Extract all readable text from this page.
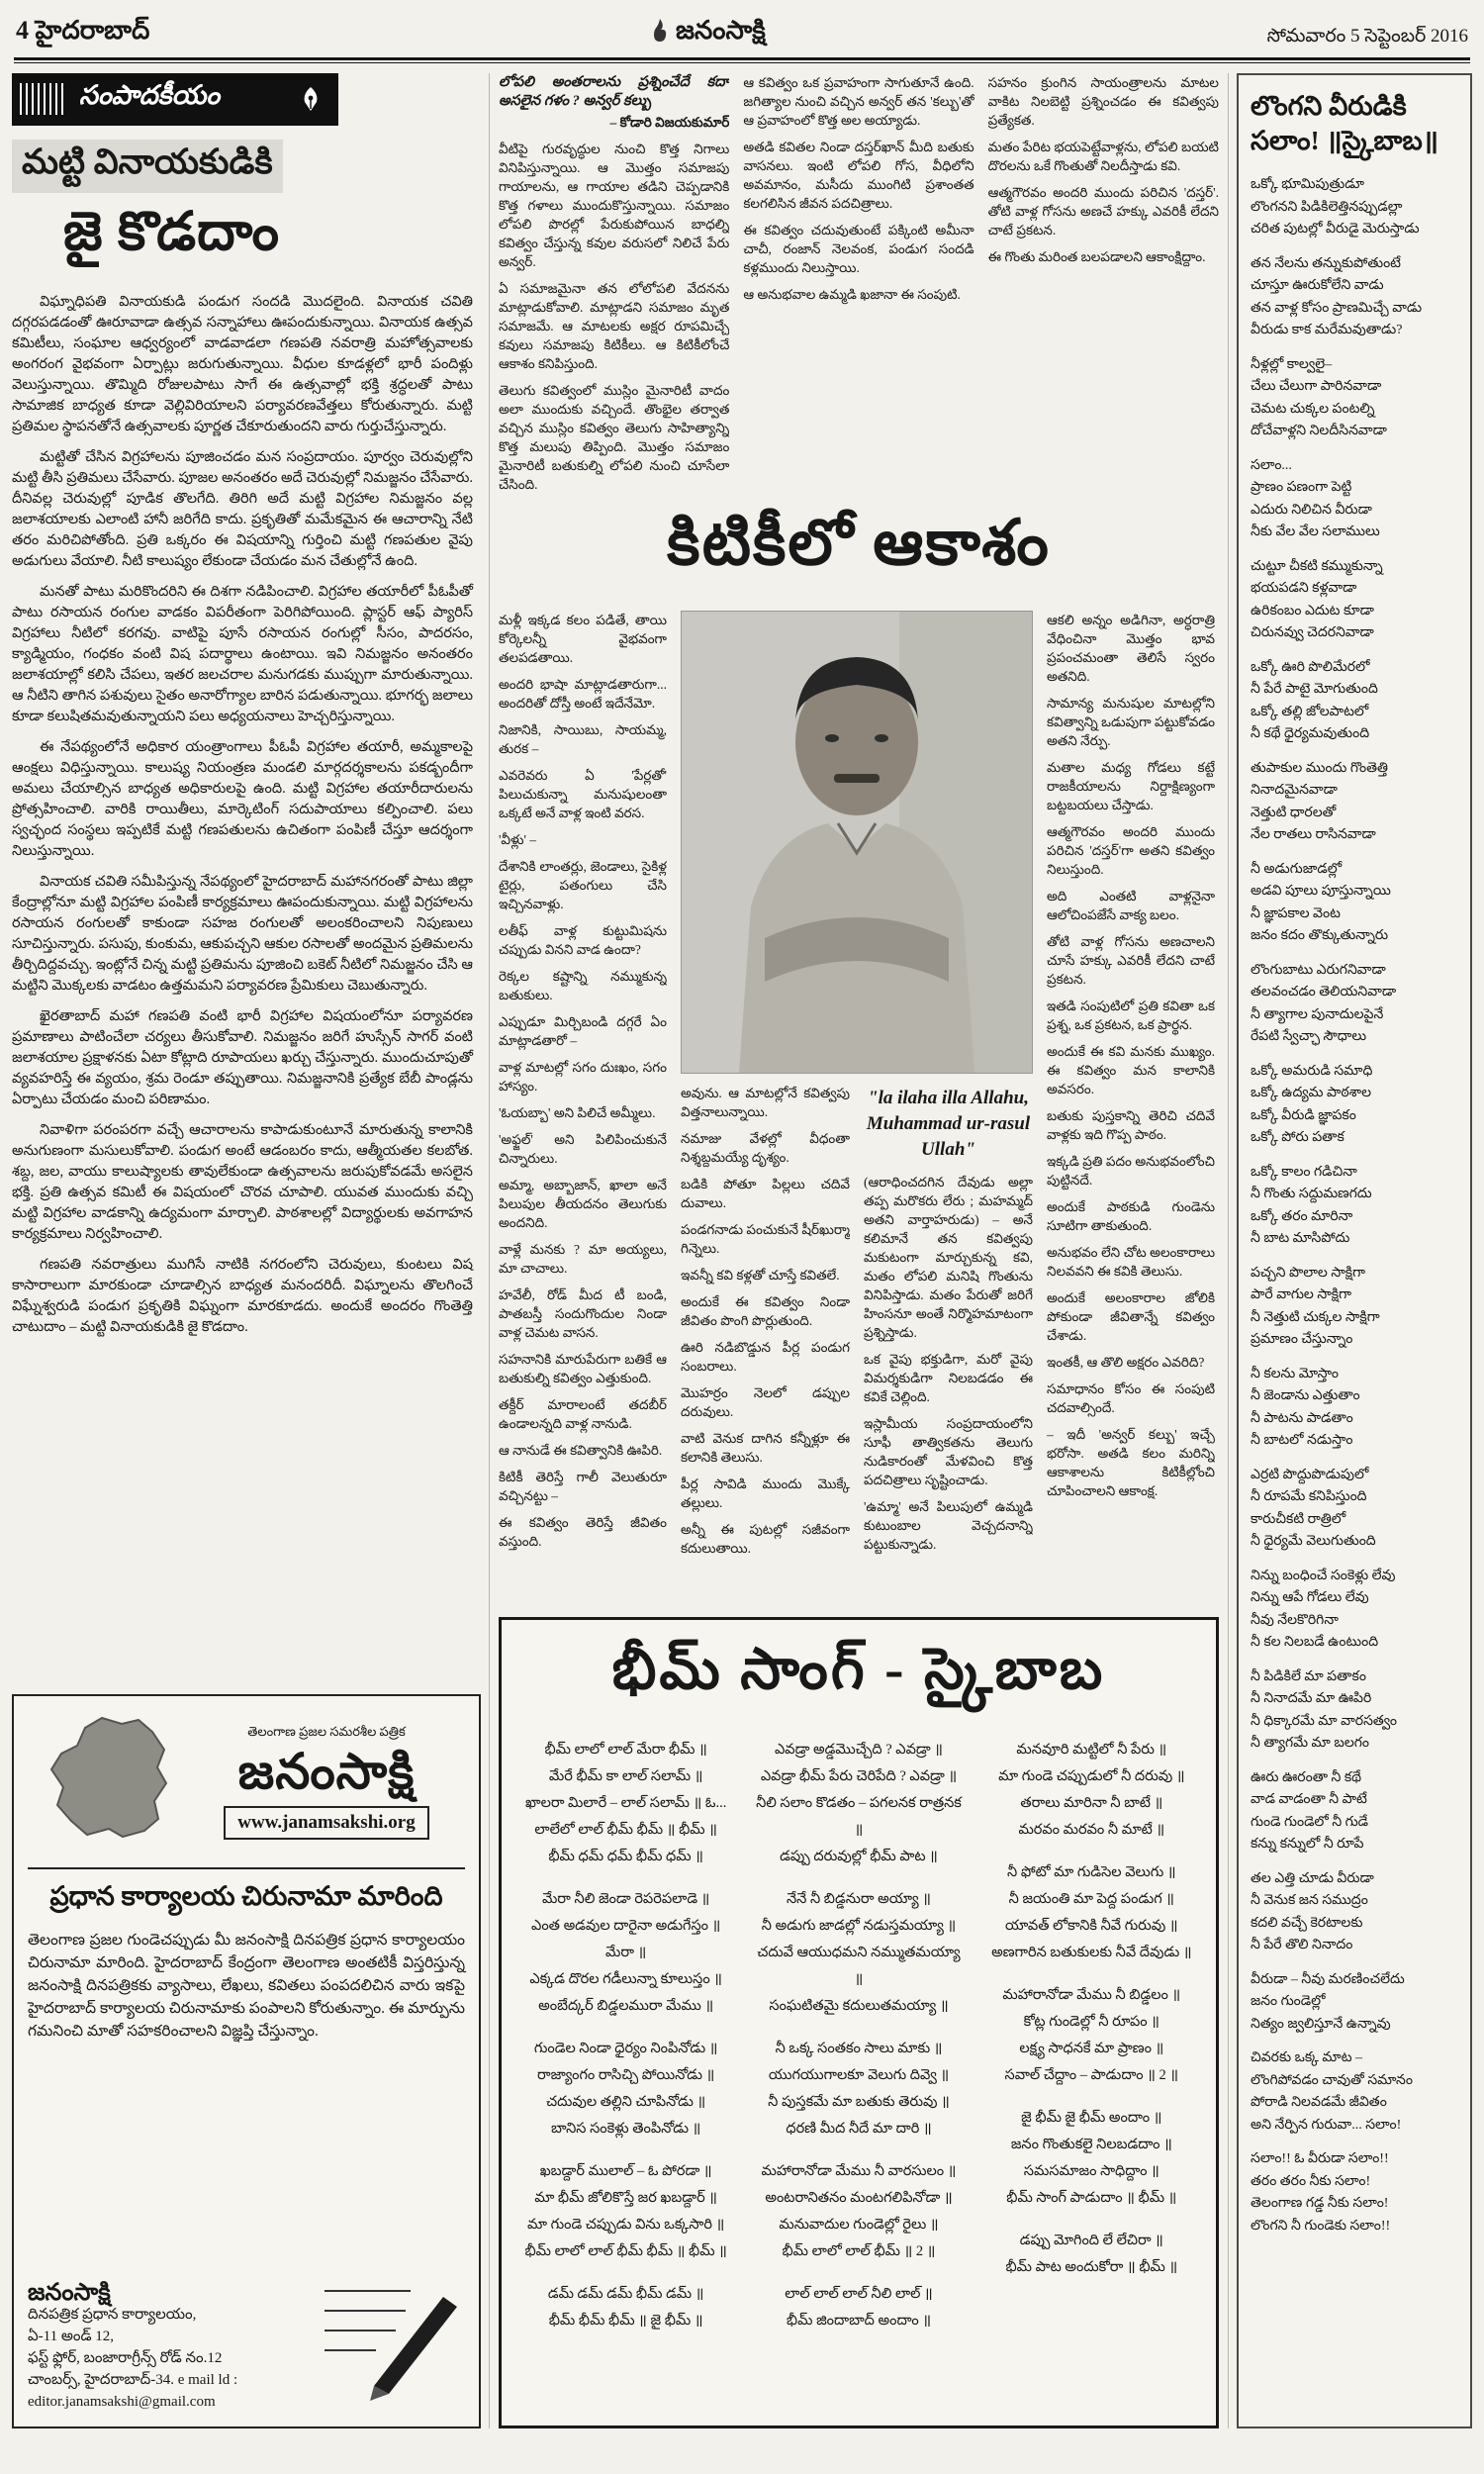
4 హైదరాబాద్	జనంసాక్షి	సోమవారం 5 సెప్టెంబర్ 2016
సంపాదకీయం
మట్టి వినాయకుడికి
జై కొడదాం

విఘ్నాధిపతి వినాయకుడి పండుగ సందడి మొదలైంది. వినాయక చవితి దగ్గరపడడంతో ఊరూవాడా ఉత్సవ సన్నాహాలు ఊపందుకున్నాయి. వినాయక ఉత్సవ కమిటీలు, సంఘాల ఆధ్వర్యంలో వాడవాడలా గణపతి నవరాత్రి మహోత్సవాలకు అంగరంగ వైభవంగా ఏర్పాట్లు జరుగుతున్నాయి. వీధుల కూడళ్లలో భారీ పందిళ్లు వెలుస్తున్నాయి. తొమ్మిది రోజులపాటు సాగే ఈ ఉత్సవాల్లో భక్తి శ్రద్ధలతో పాటు సామాజిక బాధ్యత కూడా వెల్లివిరియాలని పర్యావరణవేత్తలు కోరుతున్నారు. మట్టి ప్రతిమల స్థాపనతోనే ఉత్సవాలకు పూర్ణత చేకూరుతుందని వారు గుర్తుచేస్తున్నారు.

మట్టితో చేసిన విగ్రహాలను పూజించడం మన సంప్రదాయం. పూర్వం చెరువుల్లోని మట్టి తీసి ప్రతిమలు చేసేవారు. పూజల అనంతరం అదే చెరువుల్లో నిమజ్జనం చేసేవారు. దీనివల్ల చెరువుల్లో పూడిక తొలగేది. తిరిగి అదే మట్టి విగ్రహాల నిమజ్జనం వల్ల జలాశయాలకు ఎలాంటి హానీ జరిగేది కాదు. ప్రకృతితో మమేకమైన ఈ ఆచారాన్ని నేటి తరం మరిచిపోతోంది. ప్రతి ఒక్కరం ఈ విషయాన్ని గుర్తించి మట్టి గణపతుల వైపు అడుగులు వేయాలి. నీటి కాలుష్యం లేకుండా చేయడం మన చేతుల్లోనే ఉంది.

మనతో పాటు మరికొందరిని ఈ దిశగా నడిపించాలి. విగ్రహాల తయారీలో పీఓపీతో పాటు రసాయన రంగుల వాడకం విపరీతంగా పెరిగిపోయింది. ప్లాస్టర్ ఆఫ్ ప్యారిస్ విగ్రహాలు నీటిలో కరగవు. వాటిపై పూసే రసాయన రంగుల్లో సీసం, పాదరసం, క్యాడ్మియం, గంధకం వంటి విష పదార్థాలు ఉంటాయి. ఇవి నిమజ్జనం అనంతరం జలాశయాల్లో కలిసి చేపలు, ఇతర జలచరాల మనుగడకు ముప్పుగా మారుతున్నాయి. ఆ నీటిని తాగిన పశువులు సైతం అనారోగ్యాల బారిన పడుతున్నాయి. భూగర్భ జలాలు కూడా కలుషితమవుతున్నాయని పలు అధ్యయనాలు హెచ్చరిస్తున్నాయి.

ఈ నేపథ్యంలోనే అధికార యంత్రాంగాలు పీఓపీ విగ్రహాల తయారీ, అమ్మకాలపై ఆంక్షలు విధిస్తున్నాయి. కాలుష్య నియంత్రణ మండలి మార్గదర్శకాలను పకడ్బందీగా అమలు చేయాల్సిన బాధ్యత అధికారులపై ఉంది. మట్టి విగ్రహాల తయారీదారులను ప్రోత్సహించాలి. వారికి రాయితీలు, మార్కెటింగ్ సదుపాయాలు కల్పించాలి. పలు స్వచ్ఛంద సంస్థలు ఇప్పటికే మట్టి గణపతులను ఉచితంగా పంపిణీ చేస్తూ ఆదర్శంగా నిలుస్తున్నాయి.

వినాయక చవితి సమీపిస్తున్న నేపథ్యంలో హైదరాబాద్ మహానగరంతో పాటు జిల్లా కేంద్రాల్లోనూ మట్టి విగ్రహాల పంపిణీ కార్యక్రమాలు ఊపందుకున్నాయి. మట్టి విగ్రహాలను రసాయన రంగులతో కాకుండా సహజ రంగులతో అలంకరించాలని నిపుణులు సూచిస్తున్నారు. పసుపు, కుంకుమ, ఆకుపచ్చని ఆకుల రసాలతో అందమైన ప్రతిమలను తీర్చిదిద్దవచ్చు. ఇంట్లోనే చిన్న మట్టి ప్రతిమను పూజించి బకెట్ నీటిలో నిమజ్జనం చేసి ఆ మట్టిని మొక్కలకు వాడటం ఉత్తమమని పర్యావరణ ప్రేమికులు చెబుతున్నారు.

ఖైరతాబాద్ మహా గణపతి వంటి భారీ విగ్రహాల విషయంలోనూ పర్యావరణ ప్రమాణాలు పాటించేలా చర్యలు తీసుకోవాలి. నిమజ్జనం జరిగే హుస్సేన్ సాగర్ వంటి జలాశయాల ప్రక్షాళనకు ఏటా కోట్లాది రూపాయలు ఖర్చు చేస్తున్నారు. ముందుచూపుతో వ్యవహరిస్తే ఈ వ్యయం, శ్రమ రెండూ తప్పుతాయి. నిమజ్జనానికి ప్రత్యేక బేబీ పాండ్లను ఏర్పాటు చేయడం మంచి పరిణామం.

నివాళిగా పరంపరగా వచ్చే ఆచారాలను కాపాడుకుంటూనే మారుతున్న కాలానికి అనుగుణంగా మసులుకోవాలి. పండుగ అంటే ఆడంబరం కాదు, ఆత్మీయతల కలబోత. శబ్ద, జల, వాయు కాలుష్యాలకు తావులేకుండా ఉత్సవాలను జరుపుకోవడమే అసలైన భక్తి. ప్రతి ఉత్సవ కమిటీ ఈ విషయంలో చొరవ చూపాలి. యువత ముందుకు వచ్చి మట్టి విగ్రహాల వాడకాన్ని ఉద్యమంగా మార్చాలి. పాఠశాలల్లో విద్యార్థులకు అవగాహన కార్యక్రమాలు నిర్వహించాలి.

గణపతి నవరాత్రులు ముగిసే నాటికి నగరంలోని చెరువులు, కుంటలు విష కాసారాలుగా మారకుండా చూడాల్సిన బాధ్యత మనందరిదీ. విఘ్నాలను తొలగించే విఘ్నేశ్వరుడి పండుగ ప్రకృతికి విఘ్నంగా మారకూడదు. అందుకే అందరం గొంతెత్తి చాటుదాం – మట్టి వినాయకుడికి జై కొడదాం.

తెలంగాణ ప్రజల సమరశీల పత్రిక
జనంసాక్షి
www.janamsakshi.org
ప్రధాన కార్యాలయ చిరునామా మారింది
తెలంగాణ ప్రజల గుండెచప్పుడు మీ జనంసాక్షి దినపత్రిక ప్రధాన కార్యాలయం చిరునామా మారింది. హైదరాబాద్ కేంద్రంగా తెలంగాణ అంతటికీ విస్తరిస్తున్న జనంసాక్షి దినపత్రికకు వ్యాసాలు, లేఖలు, కవితలు పంపదలిచిన వారు ఇకపై హైదరాబాద్ కార్యాలయ చిరునామాకు పంపాలని కోరుతున్నాం. ఈ మార్పును గమనించి మాతో సహకరించాలని విజ్ఞప్తి చేస్తున్నాం.
జనంసాక్షి
దినపత్రిక ప్రధాన కార్యాలయం,
ఏ-11 అండ్ 12,
ఫస్ట్ ఫ్లోర్, బంజారాగ్రీన్స్ రోడ్ నం.12
చాంబర్స్, హైదరాబాద్-34. e mail ld : editor.janamsakshi@gmail.com
లోపలి అంతరాలను ప్రశ్నించేదే కదా అసలైన గళం ? అన్వర్ కల్బు
– కోడారి విజయకుమార్

వీటిపై గురవృద్ధుల నుంచి కొత్త నిగాలు వినిపిస్తున్నాయి. ఆ మొత్తం సమాజపు గాయాలను, ఆ గాయాల తడిని చెప్పడానికి కొత్త గళాలు ముందుకొస్తున్నాయి. సమాజం లోపలి పొరల్లో పేరుకుపోయిన బాధల్ని కవిత్వం చేస్తున్న కవుల వరుసలో నిలిచే పేరు అన్వర్.

ఏ సమాజమైనా తన లోలోపలి వేదనను మాట్లాడుకోవాలి. మాట్లాడని సమాజం మృత సమాజమే. ఆ మాటలకు అక్షర రూపమిచ్చే కవులు సమాజపు కిటికీలు. ఆ కిటికీలోంచే ఆకాశం కనిపిస్తుంది.

తెలుగు కవిత్వంలో ముస్లిం మైనారిటీ వాదం అలా ముందుకు వచ్చిందే. తొంభైల తర్వాత వచ్చిన ముస్లిం కవిత్వం తెలుగు సాహిత్యాన్ని కొత్త మలుపు తిప్పింది. మొత్తం సమాజం మైనారిటీ బతుకుల్ని లోపలి నుంచి చూసేలా చేసింది.

ఆ కవిత్వం ఒక ప్రవాహంగా సాగుతూనే ఉంది. జగిత్యాల నుంచి వచ్చిన అన్వర్ తన 'కల్బు'తో ఆ ప్రవాహంలో కొత్త అల అయ్యాడు.

అతడి కవితల నిండా దస్తర్‌ఖాన్ మీది బతుకు వాసనలు. ఇంటి లోపలి గోస, వీధిలోని అవమానం, మసీదు ముంగిటి ప్రశాంతత కలగలిసిన జీవన పదచిత్రాలు.

ఈ కవిత్వం చదువుతుంటే పక్కింటి అమీనా చాచీ, రంజాన్ నెలవంక, పండుగ సందడి కళ్లముందు నిలుస్తాయి.

ఆ అనుభవాల ఉమ్మడి ఖజానా ఈ సంపుటి.

సహనం క్రుంగిన సాయంత్రాలను మాటల వాకిట నిలబెట్టి ప్రశ్నించడం ఈ కవిత్వపు ప్రత్యేకత.

మతం పేరిట భయపెట్టేవాళ్లను, లోపలి బయటి దొరలను ఒకే గొంతుతో నిలదీస్తాడు కవి.

ఆత్మగౌరవం అందరి ముందు పరిచిన 'దస్తర్'. తోటి వాళ్ల గోసను అణచే హక్కు ఎవరికీ లేదని చాటే ప్రకటన.

ఈ గొంతు మరింత బలపడాలని ఆకాంక్షిద్దాం.

కిటికీలో ఆకాశం

మళ్లీ ఇక్కడ కలం పడితే, తాయి కోర్కెలన్నీ వైభవంగా తలపడతాయి.

అందరి భాషా మాట్లాడతారుగా... అందరితో దోస్తీ అంటే ఇదేనేమో.

నిజానికి, సాయిబు, సాయమ్మ, తురక –

ఎవరెవరు ఏ 'పేర్లతో' పిలుచుకున్నా మనుషులంతా ఒక్కటే అనే వాళ్ల ఇంటి వరస.

'వీళ్లు' –

దేశానికి లాంతర్లు, జెండాలు, సైకిళ్ల టైర్లు, పతంగులు చేసి ఇచ్చినవాళ్లు.

లతీఫ్ వాళ్ల కుట్టుమిషను చప్పుడు వినని వాడ ఉందా?

రెక్కల కష్టాన్ని నమ్ముకున్న బతుకులు.

ఎప్పుడూ మిర్చిబండి దగ్గరే ఏం మాట్లాడతారో –

వాళ్ల మాటల్లో సగం దుఃఖం, సగం హాస్యం.

'ఓయబ్బా' అని పిలిచే అమ్మీలు.

'అఫ్జల్' అని పిలిపించుకునే చిన్నారులు.

అమ్మా, అబ్బాజాన్, ఖాలా అనే పిలుపుల తీయదనం తెలుగుకు అందనిది.

వాళ్లే మనకు ? మా అయ్యలు, మా చాచాలు.

హవేలీ, రోడ్ మీద టీ బండి, పాతబస్తీ సందుగొందుల నిండా వాళ్ల చెమట వాసన.

సహనానికి మారుపేరుగా బతికే ఆ బతుకుల్ని కవిత్వం ఎత్తుకుంది.

తక్దీర్ మారాలంటే తదబీర్ ఉండాలన్నది వాళ్ల నానుడి.

ఆ నానుడే ఈ కవిత్వానికి ఊపిరి.

కిటికీ తెరిస్తే గాలీ వెలుతురూ వచ్చినట్టు –

ఈ కవిత్వం తెరిస్తే జీవితం వస్తుంది.

అవును. ఆ మాటల్లోనే కవిత్వపు విత్తనాలున్నాయి.

నమాజు వేళల్లో వీధంతా నిశ్శబ్దమయ్యే దృశ్యం.

బడికి పోతూ పిల్లలు చదివే దువాలు.

పండగనాడు పంచుకునే షీర్‌ఖుర్మా గిన్నెలు.

ఇవన్నీ కవి కళ్లతో చూస్తే కవితలే.

అందుకే ఈ కవిత్వం నిండా జీవితం పొంగి పొర్లుతుంది.

ఊరి నడిబొడ్డున పీర్ల పండుగ సంబరాలు.

మొహర్రం నెలలో డప్పుల దరువులు.

వాటి వెనుక దాగిన కన్నీళ్లూ ఈ కలానికి తెలుసు.

పీర్ల సావిడి ముందు మొక్కే తల్లులు.

అన్నీ ఈ పుటల్లో సజీవంగా కదులుతాయి.

"la ilaha illa Allahu, Muhammad ur-rasul Ullah"

(ఆరాధించదగిన దేవుడు అల్లా తప్ప మరొకరు లేరు ; మహమ్మద్ అతని వార్తాహరుడు) – అనే కలిమానే తన కవిత్వపు మకుటంగా మార్చుకున్న కవి, మతం లోపలి మనిషి గొంతును వినిపిస్తాడు. మతం పేరుతో జరిగే హింసనూ అంతే నిర్మొహమాటంగా ప్రశ్నిస్తాడు.

ఒక వైపు భక్తుడిగా, మరో వైపు విమర్శకుడిగా నిలబడడం ఈ కవికే చెల్లింది.

ఇస్లామీయ సంప్రదాయంలోని సూఫీ తాత్వికతను తెలుగు నుడికారంతో మేళవించి కొత్త పదచిత్రాలు సృష్టించాడు.

'ఉమ్మా' అనే పిలుపులో ఉమ్మడి కుటుంబాల వెచ్చదనాన్ని పట్టుకున్నాడు.

ఆకలి అన్నం అడిగినా, అర్ధరాత్రి వేధించినా మొత్తం భావ ప్రపంచమంతా తెలిసే స్వరం అతనిది.

సామాన్య మనుషుల మాటల్లోని కవిత్వాన్ని ఒడుపుగా పట్టుకోవడం అతని నేర్పు.

మతాల మధ్య గోడలు కట్టే రాజకీయాలను నిర్దాక్షిణ్యంగా బట్టబయలు చేస్తాడు.

ఆత్మగౌరవం అందరి ముందు పరిచిన 'దస్తర్'గా అతని కవిత్వం నిలుస్తుంది.

అది ఎంతటి వాళ్లనైనా ఆలోచింపజేసే వాక్య బలం.

తోటి వాళ్ల గోసను అణచాలని చూసే హక్కు ఎవరికీ లేదని చాటే ప్రకటన.

ఇతడి సంపుటిలో ప్రతి కవితా ఒక ప్రశ్న, ఒక ప్రకటన, ఒక ప్రార్థన.

అందుకే ఈ కవి మనకు ముఖ్యం. ఈ కవిత్వం మన కాలానికి అవసరం.

బతుకు పుస్తకాన్ని తెరిచి చదివే వాళ్లకు ఇది గొప్ప పాఠం.

ఇక్కడి ప్రతి పదం అనుభవంలోంచి పుట్టినదే.

అందుకే పాఠకుడి గుండెను సూటిగా తాకుతుంది.

అనుభవం లేని చోట అలంకారాలు నిలవవని ఈ కవికి తెలుసు.

అందుకే అలంకారాల జోలికి పోకుండా జీవితాన్నే కవిత్వం చేశాడు.

ఇంతకీ, ఆ తొలి అక్షరం ఎవరిది?

సమాధానం కోసం ఈ సంపుటి చదవాల్సిందే.

– ఇదీ 'అన్వర్ కల్బు' ఇచ్చే భరోసా. అతడి కలం మరిన్ని ఆకాశాలను కిటికీల్లోంచి చూపించాలని ఆకాంక్ష.

భీమ్ సాంగ్ - స్కైబాబ

భీమ్ లాలో లాల్ మేరా భీమ్ ॥

మేరే భీమ్ కా లాల్ సలామ్ ॥

ఖాలరా మిలారే – లాల్ సలామ్ ॥ ఓ...

లాలేలో లాల్ భీమ్ భీమ్ ॥ భీమ్ ॥

భీమ్ ధమ్ ధమ్ భీమ్ ధమ్ ॥

మేరా నీలి జెండా రెపరెపలాడె ॥

ఎంత అడవుల దారైనా అడుగేస్తం ॥ మేరా ॥

ఎక్కడ దొరల గడీలున్నా కూలుస్తం ॥

అంబేద్కర్ బిడ్డలమురా మేము ॥

గుండెల నిండా ధైర్యం నింపినోడు ॥

రాజ్యాంగం రాసిచ్చి పోయినోడు ॥

చదువుల తల్లిని చూపినోడు ॥

బానిస సంకెళ్లు తెంపినోడు ॥

ఖబడ్దార్ ములాల్ – ఓ పోరడా ॥

మా భీమ్ జోలికొస్తే జర ఖబడ్దార్ ॥

మా గుండె చప్పుడు విను ఒక్కసారి ॥

భీమ్ లాలో లాల్ భీమ్ భీమ్ ॥ భీమ్ ॥

డమ్ డమ్ డమ్ భీమ్ డమ్ ॥

భీమ్ భీమ్ భీమ్ ॥ జై భీమ్ ॥

ఎవడ్రా అడ్డమొచ్చేది ? ఎవడ్రా ॥

ఎవడ్రా భీమ్ పేరు చెరిపేది ? ఎవడ్రా ॥

నీలి సలాం కొడతం – పగలనక రాత్రనక ॥

డప్పు దరువుల్లో భీమ్ పాట ॥

నేనే నీ బిడ్డనురా అయ్యా ॥

నీ అడుగు జాడల్లో నడుస్తమయ్యా ॥

చదువే ఆయుధమని నమ్ముతమయ్యా ॥

సంఘటితమై కదులుతమయ్యా ॥

నీ ఒక్క సంతకం సాలు మాకు ॥

యుగయుగాలకూ వెలుగు దివ్వె ॥

నీ పుస్తకమే మా బతుకు తెరువు ॥

ధరణి మీద నీదే మా దారి ॥

మహారానోడా మేము నీ వారసులం ॥

అంటరానితనం మంటగలిపినోడా ॥

మనువాదుల గుండెల్లో రైలు ॥

భీమ్ లాలో లాల్ భీమ్ ॥ 2 ॥

లాల్ లాల్ లాల్ నీలి లాల్ ॥

భీమ్ జిందాబాద్ అందాం ॥

మనవూరి మట్టిలో నీ పేరు ॥

మా గుండె చప్పుడులో నీ దరువు ॥

తరాలు మారినా నీ బాటే ॥

మరవం మరవం నీ మాటే ॥

నీ ఫోటో మా గుడిసెల వెలుగు ॥

నీ జయంతి మా పెద్ద పండుగ ॥

యావత్ లోకానికి నీవే గురువు ॥

అణగారిన బతుకులకు నీవే దేవుడు ॥

మహారానోడా మేము నీ బిడ్డలం ॥

కోట్ల గుండెల్లో నీ రూపం ॥

లక్ష్య సాధనకే మా ప్రాణం ॥

సవాల్ చేద్దాం – పాడుదాం ॥ 2 ॥

జై భీమ్ జై భీమ్ అందాం ॥

జనం గొంతుకలై నిలబడదాం ॥

సమసమాజం సాధిద్దాం ॥

భీమ్ సాంగ్ పాడుదాం ॥ భీమ్ ॥

డప్పు మోగింది లే లేచిరా ॥

భీమ్ పాట అందుకోరా ॥ భీమ్ ॥

లొంగని వీరుడికి
సలాం! ॥స్కైబాబ॥

ఒక్కో భూమిపుత్రుడూ

లొంగనని పిడికిలెత్తినప్పుడల్లా

చరిత పుటల్లో వీరుడై మెరుస్తాడు

తన నేలను తన్నుకుపోతుంటే

చూస్తూ ఊరుకోలేని వాడు

తన వాళ్ల కోసం ప్రాణమిచ్చే వాడు

వీరుడు కాక మరేమవుతాడు?

నీళ్లల్లో కాల్వలై–

చేలు చేలుగా పారినవాడా

చెమట చుక్కల పంటల్ని

దోచేవాళ్లని నిలదీసినవాడా

సలాం...

ప్రాణం పణంగా పెట్టి

ఎదురు నిలిచిన వీరుడా

నీకు వేల వేల సలాములు

చుట్టూ చీకటి కమ్ముకున్నా

భయపడని కళ్లవాడా

ఉరికంబం ఎదుట కూడా

చిరునవ్వు చెదరనివాడా

ఒక్కో ఊరి పొలిమేరలో

నీ పేరే పాటై మోగుతుంది

ఒక్కో తల్లి జోలపాటలో

నీ కథే ధైర్యమవుతుంది

తుపాకుల ముందు గొంతెత్తి

నినాదమైనవాడా

నెత్తుటి ధారలతో

నేల రాతలు రాసినవాడా

నీ అడుగుజాడల్లో

అడవి పూలు పూస్తున్నాయి

నీ జ్ఞాపకాల వెంట

జనం కదం తొక్కుతున్నారు

లొంగుబాటు ఎరుగనివాడా

తలవంచడం తెలియనివాడా

నీ త్యాగాల పునాదులపైనే

రేపటి స్వేచ్ఛా సౌధాలు

ఒక్కో అమరుడి సమాధి

ఒక్కో ఉద్యమ పాఠశాల

ఒక్కో వీరుడి జ్ఞాపకం

ఒక్కో పోరు పతాక

ఒక్కో కాలం గడిచినా

నీ గొంతు సద్దుమణగదు

ఒక్కో తరం మారినా

నీ బాట మాసిపోదు

పచ్చని పొలాల సాక్షిగా

పారే వాగుల సాక్షిగా

నీ నెత్తుటి చుక్కల సాక్షిగా

ప్రమాణం చేస్తున్నాం

నీ కలను మోస్తాం

నీ జెండాను ఎత్తుతాం

నీ పాటను పాడతాం

నీ బాటలో నడుస్తాం

ఎర్రటి పొద్దుపొడుపులో

నీ రూపమే కనిపిస్తుంది

కారుచీకటి రాత్రిలో

నీ ధైర్యమే వెలుగుతుంది

నిన్ను బంధించే సంకెళ్లు లేవు

నిన్ను ఆపే గోడలు లేవు

నీవు నేలకొరిగినా

నీ కల నిలబడే ఉంటుంది

నీ పిడికిలే మా పతాకం

నీ నినాదమే మా ఊపిరి

నీ ధిక్కారమే మా వారసత్వం

నీ త్యాగమే మా బలగం

ఊరు ఊరంతా నీ కథే

వాడ వాడంతా నీ పాటే

గుండె గుండెలో నీ గుడే

కన్ను కన్నులో నీ రూపే

తల ఎత్తి చూడు వీరుడా

నీ వెనుక జన సముద్రం

కదలి వచ్చే కెరటాలకు

నీ పేరే తొలి నినాదం

వీరుడా – నీవు మరణించలేదు

జనం గుండెల్లో

నిత్యం జ్వలిస్తూనే ఉన్నావు

చివరకు ఒక్క మాట –

లొంగిపోవడం చావుతో సమానం

పోరాడి నిలవడమే జీవితం

అని నేర్పిన గురువా... సలాం!

సలాం!! ఓ వీరుడా సలాం!!

తరం తరం నీకు సలాం!

తెలంగాణ గడ్డ నీకు సలాం!

లొంగని నీ గుండెకు సలాం!!
